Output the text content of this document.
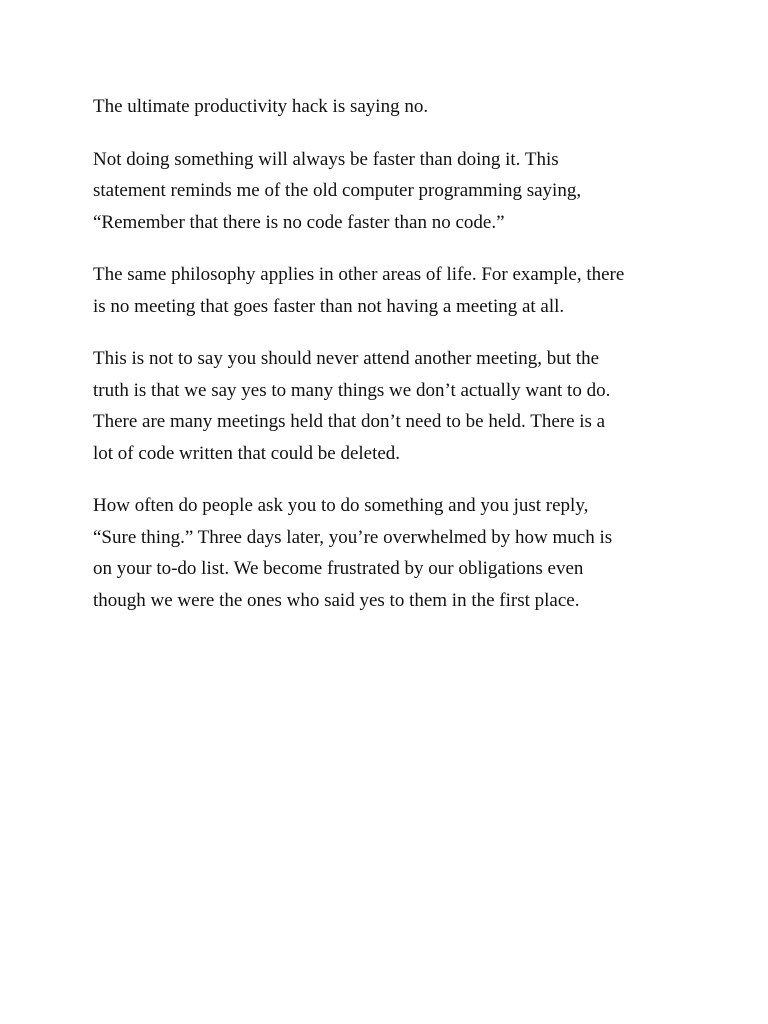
The ultimate productivity hack is saying no.
Not doing something will always be faster than doing it. This
statement reminds me of the old computer programming saying,
“Remember that there is no code faster than no code.”
The same philosophy applies in other areas of life. For example, there
is no meeting that goes faster than not having a meeting at all.
This is not to say you should never attend another meeting, but the
truth is that we say yes to many things we don’t actually want to do.
There are many meetings held that don’t need to be held. There is a
lot of code written that could be deleted.
How often do people ask you to do something and you just reply,
“Sure thing.” Three days later, you’re overwhelmed by how much is
on your to-do list. We become frustrated by our obligations even
though we were the ones who said yes to them in the first place.
